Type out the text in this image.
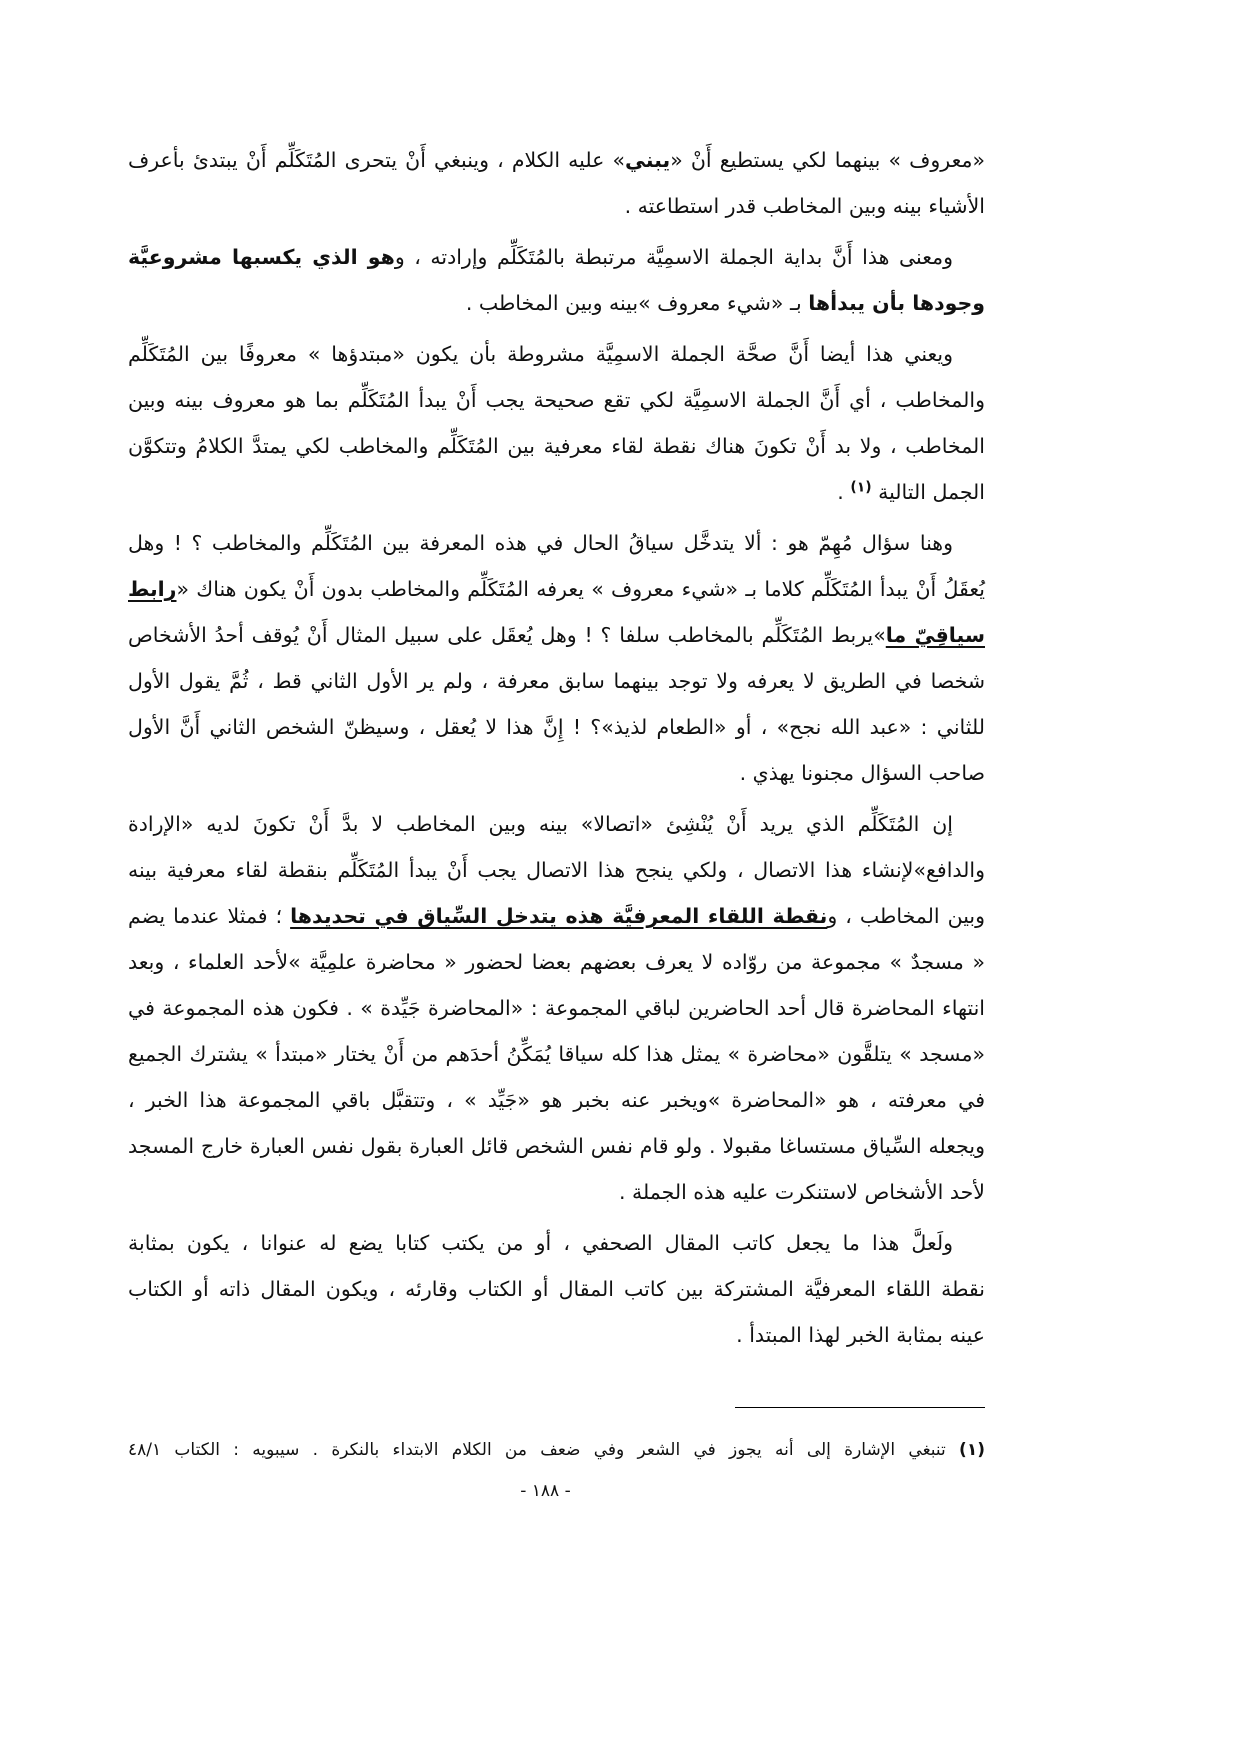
«معروف » بينهما لكي يستطيع أَنْ «يبني» عليه الكلام ، وينبغي أَنْ يتحرى المُتَكَلِّم أَنْ يبتدئ بأعرف
الأشياء بينه وبين المخاطب قدر استطاعته .
ومعنى هذا أَنَّ بداية الجملة الاسمِيَّة مرتبطة بالمُتَكَلِّم وإرادته ، وهو الذي يكسبها مشروعيَّة
وجودها بأن يبدأها بـ «شيء معروف »بينه وبين المخاطب .
ويعني هذا أيضا أَنَّ صحَّة الجملة الاسمِيَّة مشروطة بأن يكون «مبتدؤها » معروفًا بين المُتَكَلِّم
والمخاطب ، أي أَنَّ الجملة الاسمِيَّة لكي تقع صحيحة يجب أَنْ يبدأ المُتَكَلِّم بما هو معروف بينه وبين
المخاطب ، ولا بد أَنْ تكونَ هناك نقطة لقاء معرفية بين المُتَكَلِّم والمخاطب لكي يمتدَّ الكلامُ وتتكوَّن
الجمل التالية $^{(١)}$ .
وهنا سؤال مُهِمّ هو : ألا يتدخَّل سياقُ الحال في هذه المعرفة بين المُتَكَلِّم والمخاطب ؟ ! وهل
يُعقَلُ أَنْ يبدأ المُتَكَلِّم كلاما بـ «شيء معروف » يعرفه المُتَكَلِّم والمخاطب بدون أَنْ يكون هناك «رابط
سياقِيّ ما»يربط المُتَكَلِّم بالمخاطب سلفا ؟ ! وهل يُعقَل على سبيل المثال أَنْ يُوقف أحدُ الأشخاص
شخصا في الطريق لا يعرفه ولا توجد بينهما سابق معرفة ، ولم ير الأول الثاني قط ، ثُمَّ يقول الأول
للثاني : «عبد الله نجح» ، أو «الطعام لذيذ»؟ ! إِنَّ هذا لا يُعقل ، وسيظنّ الشخص الثاني أَنَّ الأول
صاحب السؤال مجنونا يهذي .
إن المُتَكَلِّم الذي يريد أَنْ يُنْشِئ «اتصالا» بينه وبين المخاطب لا بدَّ أَنْ تكونَ لديه «الإرادة
والدافع»لإنشاء هذا الاتصال ، ولكي ينجح هذا الاتصال يجب أَنْ يبدأ المُتَكَلِّم بنقطة لقاء معرفية بينه
وبين المخاطب ، ونقطة اللقاء المعرفيَّة هذه يتدخل السِّياق في تحديدها ؛ فمثلا عندما يضم
« مسجدٌ » مجموعة من روّاده لا يعرف بعضهم بعضا لحضور « محاضرة علمِيَّة »لأحد العلماء ، وبعد
انتهاء المحاضرة قال أحد الحاضرين لباقي المجموعة : «المحاضرة جَيِّدة » . فكون هذه المجموعة في
«مسجد » يتلقَّون «محاضرة » يمثل هذا كله سياقا يُمَكِّنُ أحدَهم من أَنْ يختار «مبتدأ » يشترك الجميع
في معرفته ، هو «المحاضرة »ويخبر عنه بخبر هو «جَيِّد » ، وتتقبَّل باقي المجموعة هذا الخبر ،
ويجعله السِّياق مستساغا مقبولا . ولو قام نفس الشخص قائل العبارة بقول نفس العبارة خارج المسجد
لأحد الأشخاص لاستنكرت عليه هذه الجملة .
ولَعلَّ هذا ما يجعل كاتب المقال الصحفي ، أو من يكتب كتابا يضع له عنوانا ، يكون بمثابة
نقطة اللقاء المعرفيَّة المشتركة بين كاتب المقال أو الكتاب وقارئه ، ويكون المقال ذاته أو الكتاب
عينه بمثابة الخبر لهذا المبتدأ .
(١) تنبغي الإشارة إلى أنه يجوز في الشعر وفي ضعف من الكلام الابتداء بالنكرة . سيبويه : الكتاب ٤٨/١
- ١٨٨ -
